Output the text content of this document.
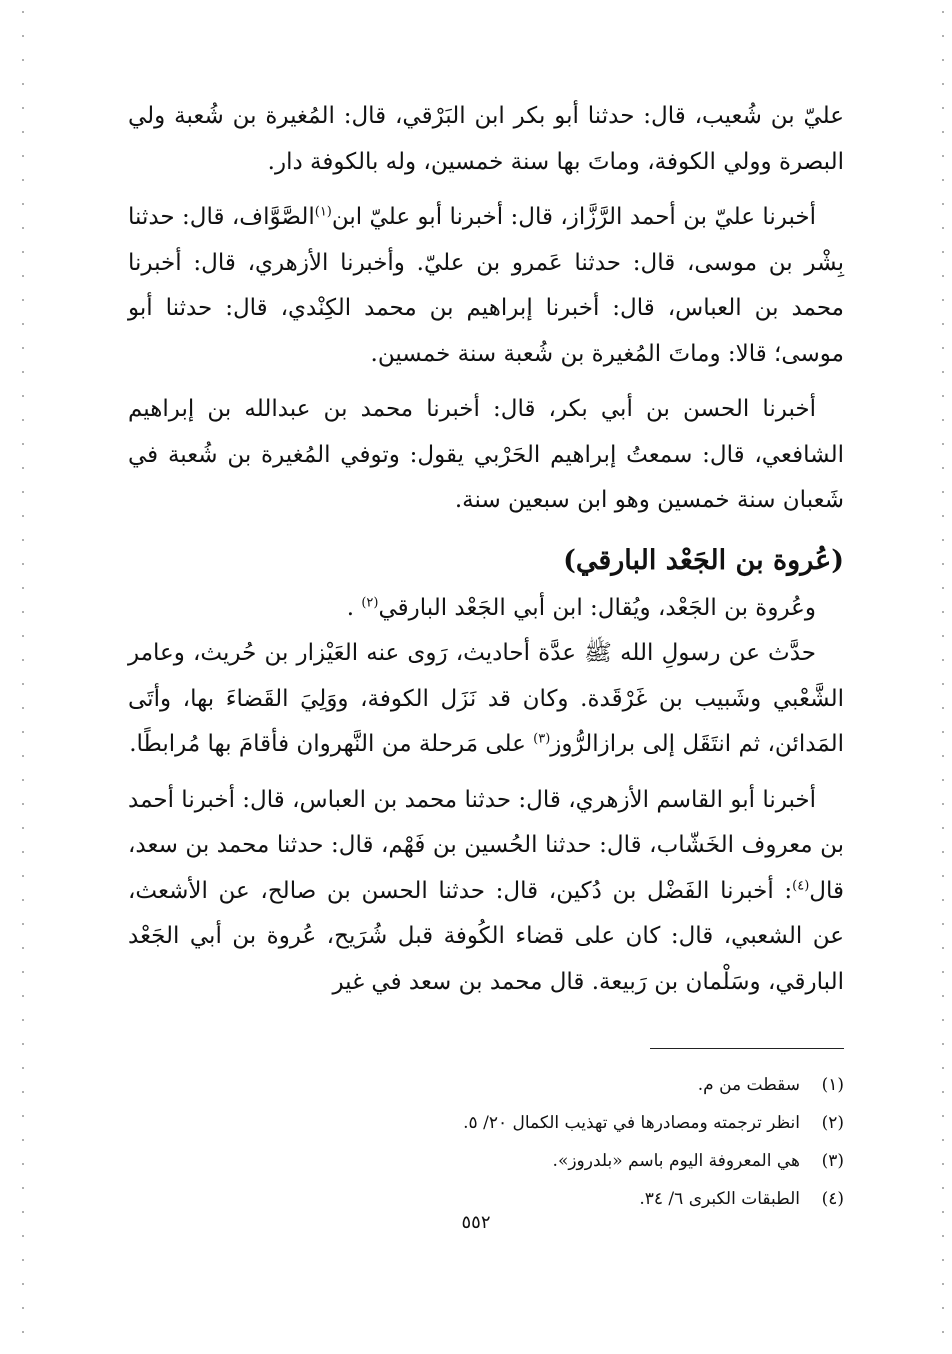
عليّ بن شُعيب، قال: حدثنا أبو بكر ابن البَرْقي، قال: المُغيرة بن شُعبة ولي البصرة وولي الكوفة، وماتَ بها سنة خمسين، وله بالكوفة دار.

أخبرنا عليّ بن أحمد الرَّزَّاز، قال: أخبرنا أبو عليّ ابن$^{(١)}$الصَّوَّاف، قال: حدثنا بِشْر بن موسى، قال: حدثنا عَمرو بن عليّ. وأخبرنا الأزهري، قال: أخبرنا محمد بن العباس، قال: أخبرنا إبراهيم بن محمد الكِنْدي، قال: حدثنا أبو موسى؛ قالا: وماتَ المُغيرة بن شُعبة سنة خمسين.

أخبرنا الحسن بن أبي بكر، قال: أخبرنا محمد بن عبدالله بن إبراهيم الشافعي، قال: سمعتُ إبراهيم الحَرْبي يقول: وتوفي المُغيرة بن شُعبة في شَعبان سنة خمسين وهو ابن سبعين سنة.

(عُروة بن الجَعْد البارقي)

وعُروة بن الجَعْد، ويُقال: ابن أبي الجَعْد البارقي$^{(٢)}$ .

حدَّث عن رسولِ الله ﷺ عدَّة أحاديث، رَوى عنه العَيْزار بن حُريث، وعامر الشَّعْبي وشَبيب بن غَرْقَدة. وكان قد نَزَل الكوفة، ووَلِيَ القَضاءَ بها، وأتَى المَدائن، ثم انتَقَل إلى برازالرُّوز$^{(٣)}$ على مَرحلة من النَّهروان فأقامَ بها مُرابطًا.

أخبرنا أبو القاسم الأزهري، قال: حدثنا محمد بن العباس، قال: أخبرنا أحمد بن معروف الخَشّاب، قال: حدثنا الحُسين بن فَهْم، قال: حدثنا محمد بن سعد، قال$^{(٤)}$: أخبرنا الفَضْل بن دُكين، قال: حدثنا الحسن بن صالح، عن الأشعث، عن الشعبي، قال: كان على قضاء الكُوفة قبل شُرَيح، عُروة بن أبي الجَعْد البارقي، وسَلْمان بن رَبيعة. قال محمد بن سعد في غير

(١)
سقطت من م.
(٢)
انظر ترجمته ومصادرها في تهذيب الكمال ٢٠/ ٥.
(٣)
هي المعروفة اليوم باسم «بلدروز».
(٤)
الطبقات الكبرى ٦/ ٣٤.
٥٥٢
